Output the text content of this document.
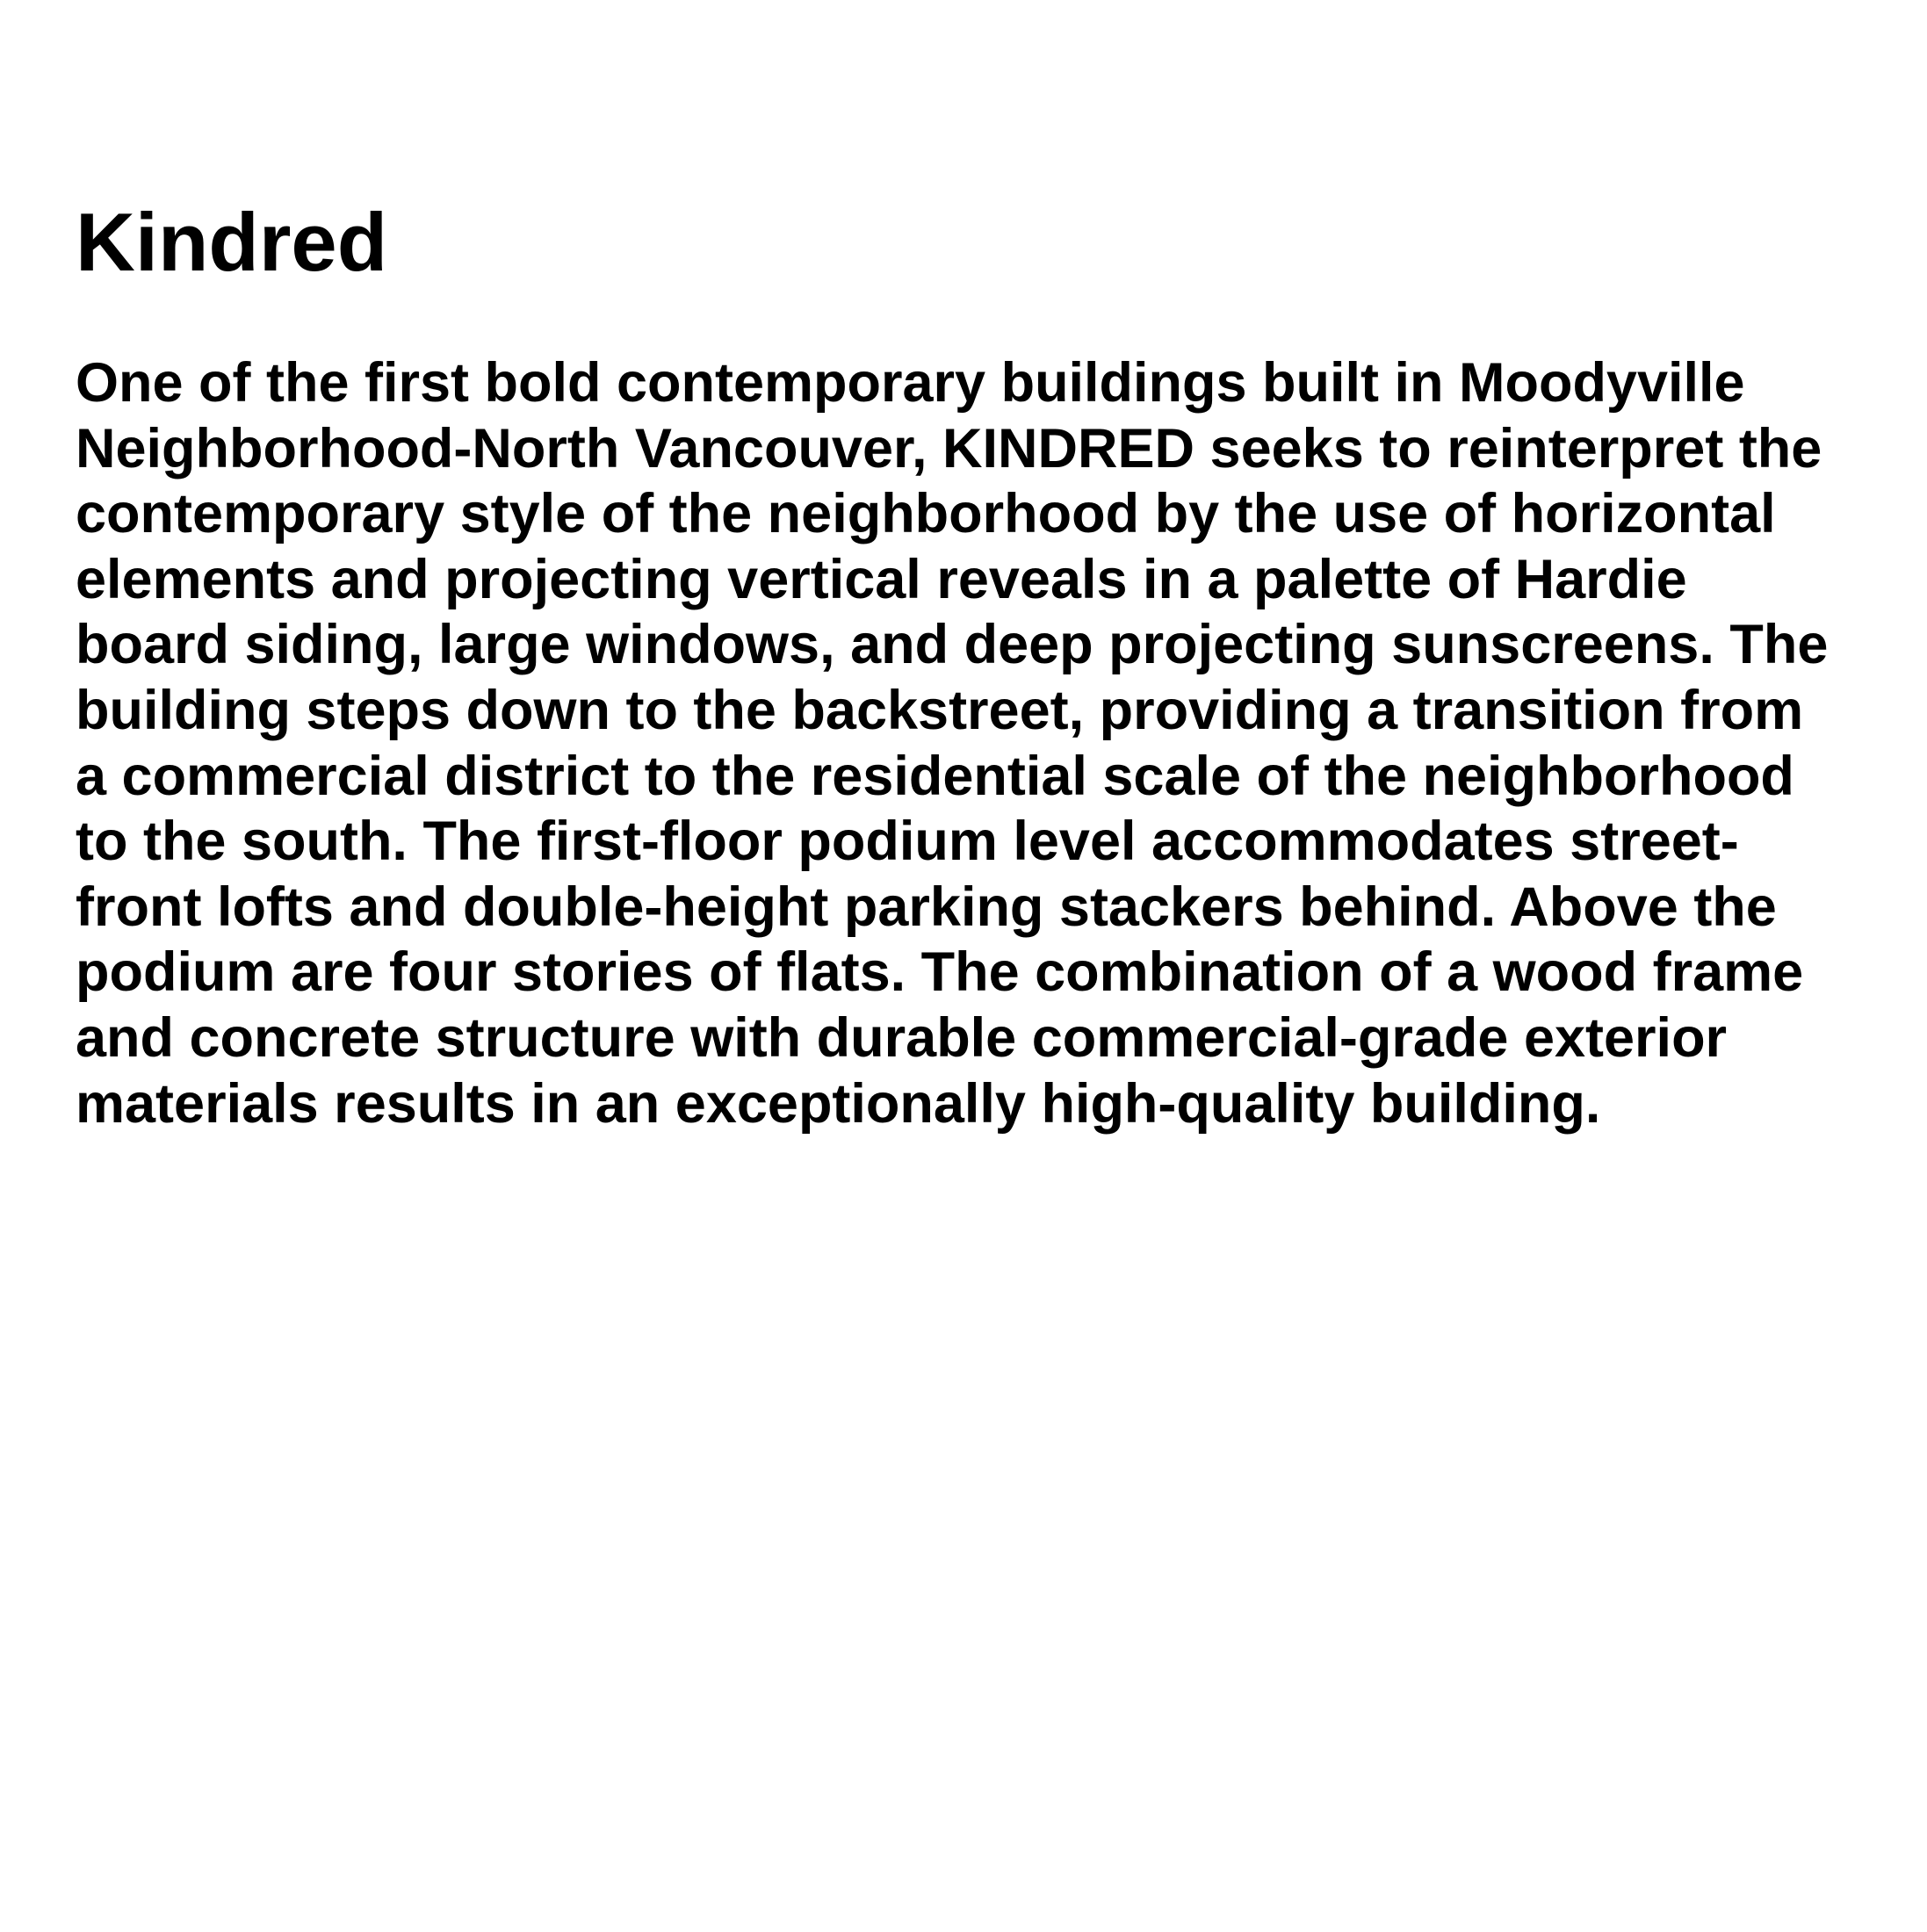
Kindred
One of the first bold contemporary buildings built in Moodyville
Neighborhood-North Vancouver, KINDRED seeks to reinterpret the
contemporary style of the neighborhood by the use of horizontal
elements and projecting vertical reveals in a palette of Hardie
board siding, large windows, and deep projecting sunscreens. The
building steps down to the backstreet, providing a transition from
a commercial district to the residential scale of the neighborhood
to the south. The first-floor podium level accommodates street-
front lofts and double-height parking stackers behind. Above the
podium are four stories of flats. The combination of a wood frame
and concrete structure with durable commercial-grade exterior
materials results in an exceptionally high-quality building.
